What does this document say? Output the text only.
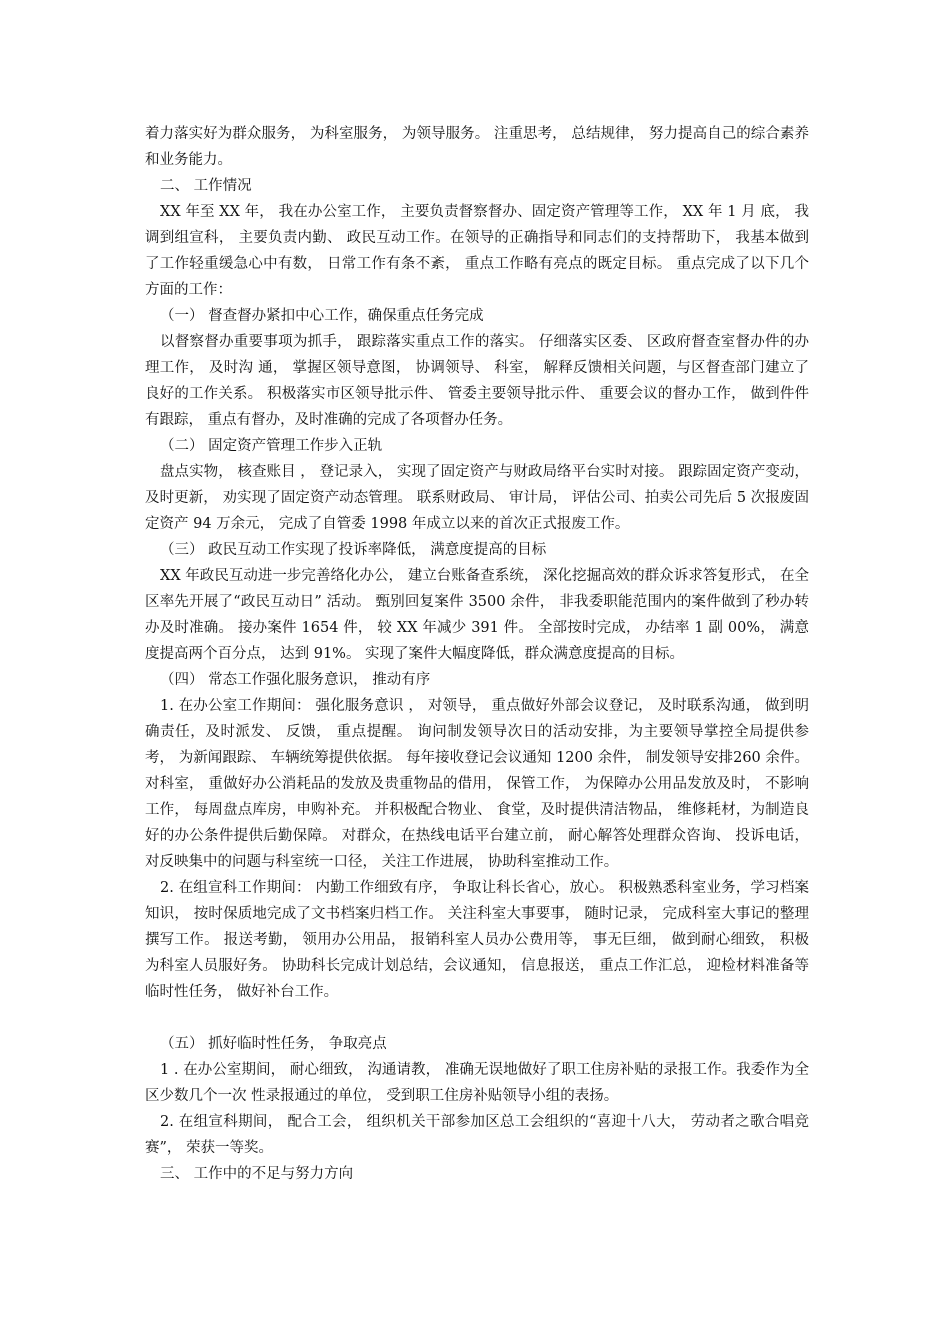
着力落实好为群众服务， 为科室服务， 为领导服务。 注重思考， 总结规律， 努力提高自己的综合素养和业务能力。

二、 工作情况

XX 年至 XX 年， 我在办公室工作， 主要负责督察督办、固定资产管理等工作， XX 年 1 月 底， 我调到组宣科， 主要负责内勤、 政民互动工作。在领导的正确指导和同志们的支持帮助下， 我基本做到了工作轻重缓急心中有数， 日常工作有条不紊， 重点工作略有亮点的既定目标。 重点完成了以下几个方面的工作：

（一） 督查督办紧扣中心工作，确保重点任务完成

以督察督办重要事项为抓手， 跟踪落实重点工作的落实。 仔细落实区委、 区政府督查室督办件的办理工作， 及时沟 通， 掌握区领导意图， 协调领导、 科室， 解释反馈相关问题，与区督查部门建立了良好的工作关系。 积极落实市区领导批示件、 管委主要领导批示件、 重要会议的督办工作， 做到件件有跟踪， 重点有督办，及时准确的完成了各项督办任务。

（二） 固定资产管理工作步入正轨

盘点实物， 核查账目 ， 登记录入， 实现了固定资产与财政局络平台实时对接。 跟踪固定资产变动， 及时更新， 劝实现了固定资产动态管理。 联系财政局、 审计局， 评估公司、拍卖公司先后 5 次报废固定资产 94 万余元， 完成了自管委 1998 年成立以来的首次正式报废工作。

（三） 政民互动工作实现了投诉率降低， 满意度提高的目标

XX 年政民互动进一步完善络化办公， 建立台账备查系统， 深化挖掘高效的群众诉求答复形式， 在全区率先开展了“政民互动日” 活动。 甄别回复案件 3500 余件， 非我委职能范围内的案件做到了秒办转办及时准确。 接办案件 1654 件， 较 XX 年减少 391 件。 全部按时完成， 办结率 1 副 00%， 满意度提高两个百分点， 达到 91%。 实现了案件大幅度降低，群众满意度提高的目标。

（四） 常态工作强化服务意识， 推动有序

1. 在办公室工作期间： 强化服务意识 ， 对领导， 重点做好外部会议登记， 及时联系沟通， 做到明确责任，及时派发、 反馈， 重点提醒。 询问制发领导次日的活动安排，为主要领导掌控全局提供参考， 为新闻跟踪、 车辆统筹提供依据。 每年接收登记会议通知 1200 余件， 制发领导安排260 余件。 对科室， 重做好办公消耗品的发放及贵重物品的借用， 保管工作， 为保障办公用品发放及时， 不影响工作， 每周盘点库房，申购补充。 并积极配合物业、 食堂，及时提供清洁物品， 维修耗材，为制造良好的办公条件提供后勤保障。 对群众，在热线电话平台建立前， 耐心解答处理群众咨询、 投诉电话， 对反映集中的问题与科室统一口径， 关注工作进展， 协助科室推动工作。

2. 在组宣科工作期间： 内勤工作细致有序， 争取让科长省心，放心。 积极熟悉科室业务，学习档案知识， 按时保质地完成了文书档案归档工作。 关注科室大事要事， 随时记录， 完成科室大事记的整理撰写工作。 报送考勤， 领用办公用品， 报销科室人员办公费用等， 事无巨细， 做到耐心细致， 积极为科室人员服好务。 协助科长完成计划总结，会议通知， 信息报送， 重点工作汇总， 迎检材料准备等临时性任务， 做好补台工作。

（五） 抓好临时性任务， 争取亮点

1 . 在办公室期间， 耐心细致， 沟通请教， 准确无误地做好了职工住房补贴的录报工作。我委作为全区少数几个一次 性录报通过的单位， 受到职工住房补贴领导小组的表扬。

2. 在组宣科期间， 配合工会， 组织机关干部参加区总工会组织的“喜迎十八大， 劳动者之歌合唱竞赛”， 荣获一等奖。

三、 工作中的不足与努力方向
